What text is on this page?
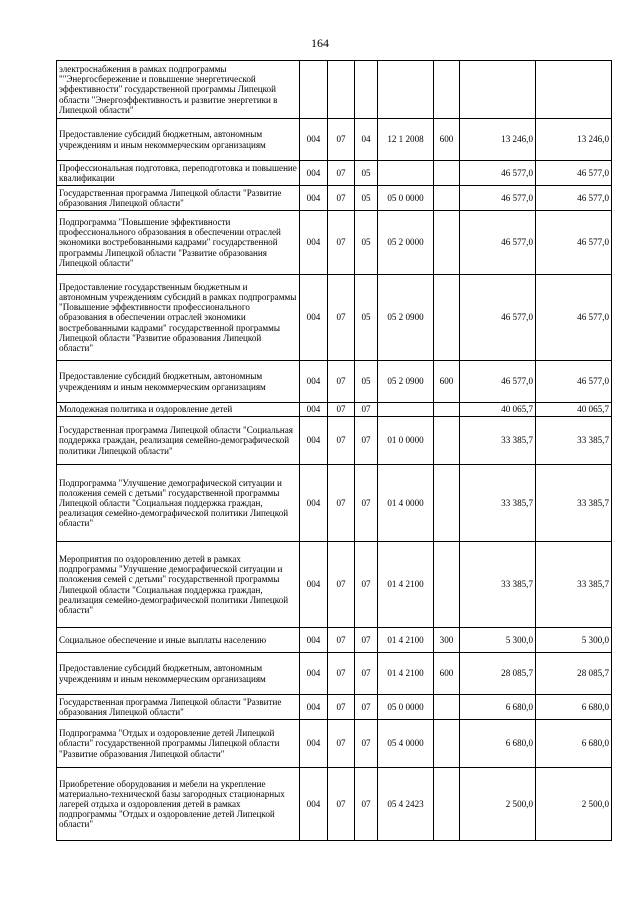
164
электроснабжения в рамках подпрограммы ""Энергосбережение и повышение энергетической эффективности" государственной программы Липецкой области "Энергоэффективность и развитие энергетики в Липецкой области"							
Предоставление субсидий бюджетным, автономным учреждениям и иным некоммерческим организациям	004	07	04	12 1 2008	600	13 246,0	13 246,0
Профессиональная подготовка, переподготовка и повышение квалификации	004	07	05			46 577,0	46 577,0
Государственная программа Липецкой области "Развитие образования Липецкой области"	004	07	05	05 0 0000		46 577,0	46 577,0
Подпрограмма "Повышение эффективности профессионального образования в обеспечении отраслей экономики востребованными кадрами" государственной программы Липецкой области "Развитие образования Липецкой области"	004	07	05	05 2 0000		46 577,0	46 577,0
Предоставление государственным бюджетным и автономным учреждениям субсидий в рамках подпрограммы "Повышение эффективности профессионального образования в обеспечении отраслей экономики востребованными кадрами" государственной программы Липецкой области "Развитие образования Липецкой области"	004	07	05	05 2 0900		46 577,0	46 577,0
Предоставление субсидий бюджетным, автономным учреждениям и иным некоммерческим организациям	004	07	05	05 2 0900	600	46 577,0	46 577,0
Молодежная политика и оздоровление детей	004	07	07			40 065,7	40 065,7
Государственная программа Липецкой области "Социальная поддержка граждан, реализация семейно-демографической политики Липецкой области"	004	07	07	01 0 0000		33 385,7	33 385,7
Подпрограмма "Улучшение демографической ситуации и положения семей с детьми" государственной программы Липецкой области "Социальная поддержка граждан, реализация семейно-демографической политики Липецкой области"	004	07	07	01 4 0000		33 385,7	33 385,7
Мероприятия по оздоровлению детей в рамках подпрограммы "Улучшение демографической ситуации и положения семей с детьми" государственной программы Липецкой области "Социальная поддержка граждан, реализация семейно-демографической политики Липецкой области"	004	07	07	01 4 2100		33 385,7	33 385,7
Социальное обеспечение и иные выплаты населению	004	07	07	01 4 2100	300	5 300,0	5 300,0
Предоставление субсидий бюджетным, автономным учреждениям и иным некоммерческим организациям	004	07	07	01 4 2100	600	28 085,7	28 085,7
Государственная программа Липецкой области "Развитие образования Липецкой области"	004	07	07	05 0 0000		6 680,0	6 680,0
Подпрограмма "Отдых и оздоровление детей Липецкой области" государственной программы Липецкой области "Развитие образования Липецкой области"	004	07	07	05 4 0000		6 680,0	6 680,0
Приобретение оборудования и мебели на укрепление материально-технической базы загородных стационарных лагерей отдыха и оздоровления детей в рамках подпрограммы "Отдых и оздоровление детей Липецкой области"	004	07	07	05 4 2423		2 500,0	2 500,0
